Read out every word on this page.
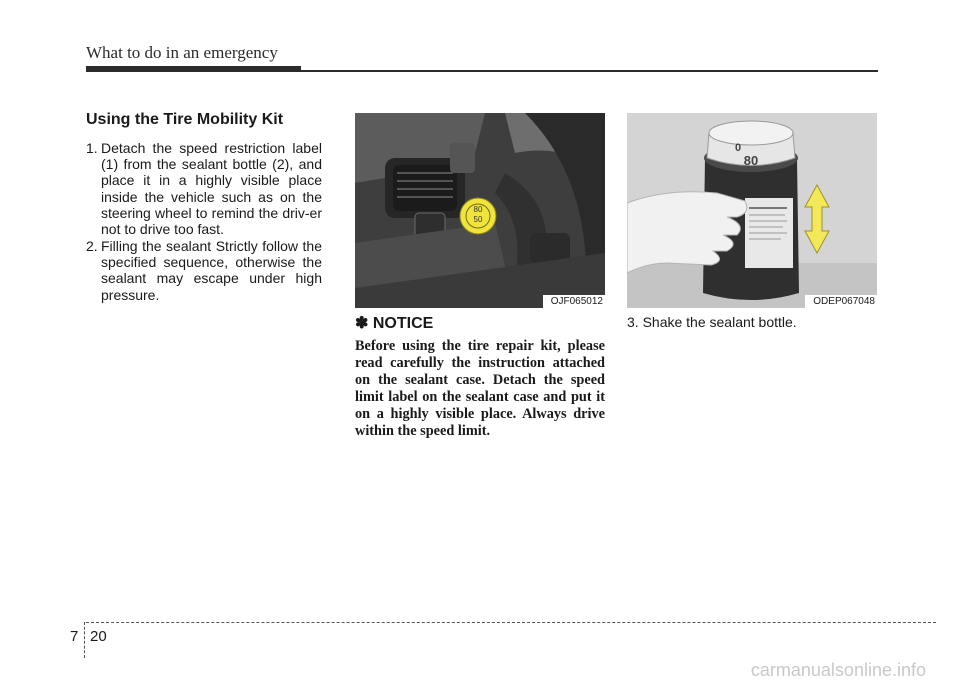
What to do in an emergency
Using the Tire Mobility Kit
1. Detach the speed restriction label (1) from the sealant bottle (2), and place it in a highly visible place inside the vehicle such as on the steering wheel to remind the driv-er not to drive too fast.
2. Filling the sealant Strictly follow the specified sequence, otherwise the sealant may escape under high pressure.
80
50
OJF065012
✽ NOTICE
Before using the tire repair kit, please read carefully the instruction attached on the sealant case. Detach the speed limit label on the sealant case and put it on a highly visible place. Always drive within the speed limit.
0
80
ODEP067048
3. Shake the sealant bottle.
7 20
carmanualsonline.info
